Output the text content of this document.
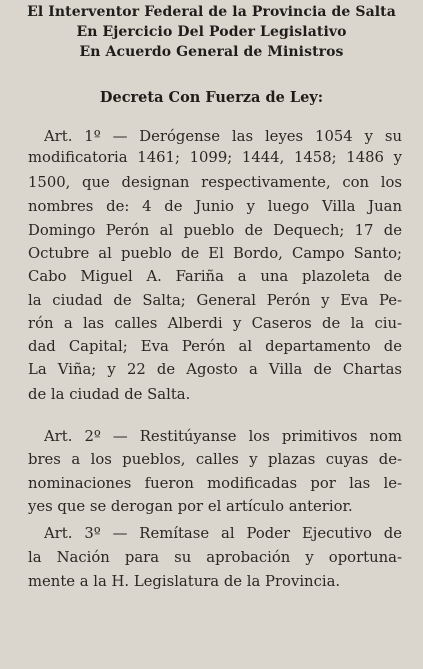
El Interventor Federal de la Provincia de Salta
En Ejercicio Del Poder Legislativo
En Acuerdo General de Ministros
Decreta Con Fuerza de Ley:
Art. 1º — Derógense las leyes 1054 y su
modificatoria 1461; 1099; 1444, 1458; 1486 y
1500, que designan respectivamente, con los
nombres de: 4 de Junio y luego Villa Juan
Domingo Perón al pueblo de Dequech; 17 de
Octubre al pueblo de El Bordo, Campo Santo;
Cabo Miguel A. Fariña a una plazoleta de
la ciudad de Salta; General Perón y Eva Pe-
rón a las calles Alberdi y Caseros de la ciu-
dad Capital; Eva Perón al departamento de
La Viña; y 22 de Agosto a Villa de Chartas
de la ciudad de Salta.
Art. 2º — Restitúyanse los primitivos nom
bres a los pueblos, calles y plazas cuyas de-
nominaciones fueron modificadas por las le-
yes que se derogan por el artículo anterior.
Art. 3º — Remítase al Poder Ejecutivo de
la Nación para su aprobación y oportuna-
mente a la H. Legislatura de la Provincia.
